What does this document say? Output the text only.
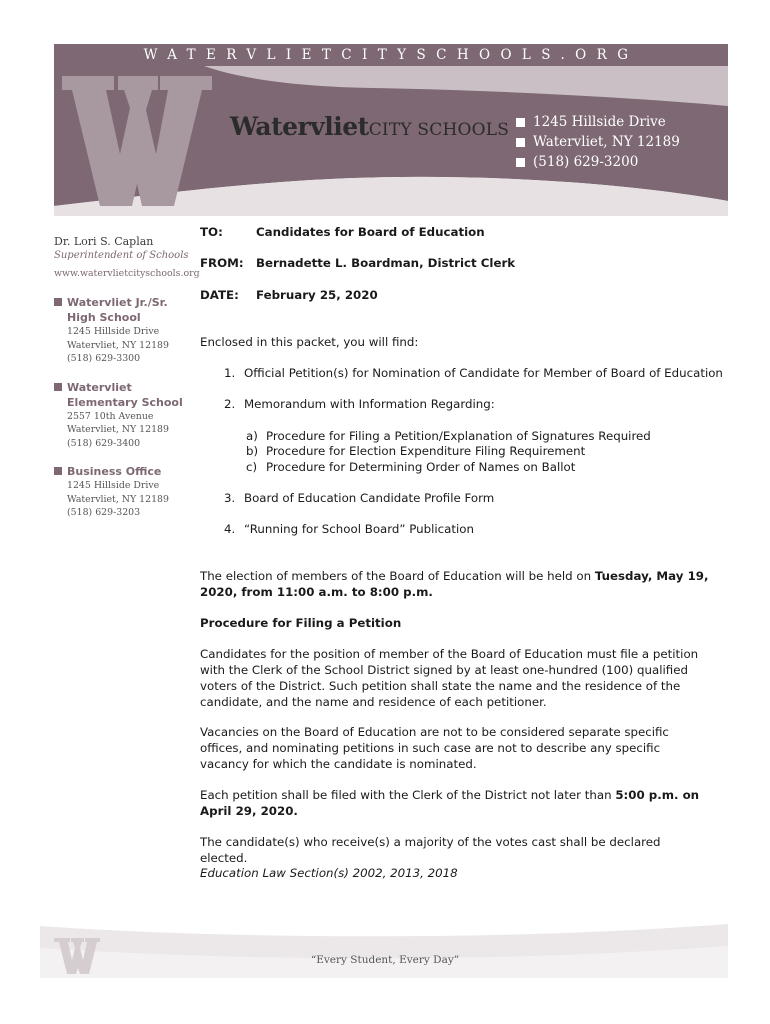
WATERVLIETCITYSCHOOLS.ORG
WatervlietCITY SCHOOLS 1245 Hillside Drive
Watervliet, NY 12189
(518) 629-3200
Dr. Lori S. Caplan
Superintendent of Schools
www.watervlietcityschools.org
Watervliet Jr./Sr.
High School
1245 Hillside Drive
Watervliet, NY 12189
(518) 629-3300
Watervliet
Elementary School
2557 10th Avenue
Watervliet, NY 12189
(518) 629-3400
Business Office
1245 Hillside Drive
Watervliet, NY 12189
(518) 629-3203
TO:	Candidates for Board of Education
FROM: Bernadette L. Boardman, District Clerk
DATE: February 25, 2020
Enclosed in this packet, you will find:
1. Official Petition(s) for Nomination of Candidate for Member of Board of Education
2. Memorandum with Information Regarding:
a) Procedure for Filing a Petition/Explanation of Signatures Required
b) Procedure for Election Expenditure Filing Requirement
c) Procedure for Determining Order of Names on Ballot
3. Board of Education Candidate Profile Form
4. “Running for School Board” Publication
The election of members of the Board of Education will be held on Tuesday, May 19, 2020, from 11:00 a.m. to 8:00 p.m.
Procedure for Filing a Petition
Candidates for the position of member of the Board of Education must file a petition with the Clerk of the School District signed by at least one-hundred (100) qualified voters of the District. Such petition shall state the name and the residence of the candidate, and the name and residence of each petitioner.
Vacancies on the Board of Education are not to be considered separate specific offices, and nominating petitions in such case are not to describe any specific vacancy for which the candidate is nominated.
Each petition shall be filed with the Clerk of the District not later than 5:00 p.m. on April 29, 2020.
The candidate(s) who receive(s) a majority of the votes cast shall be declared elected.
Education Law Section(s) 2002, 2013, 2018
“Every Student, Every Day”
